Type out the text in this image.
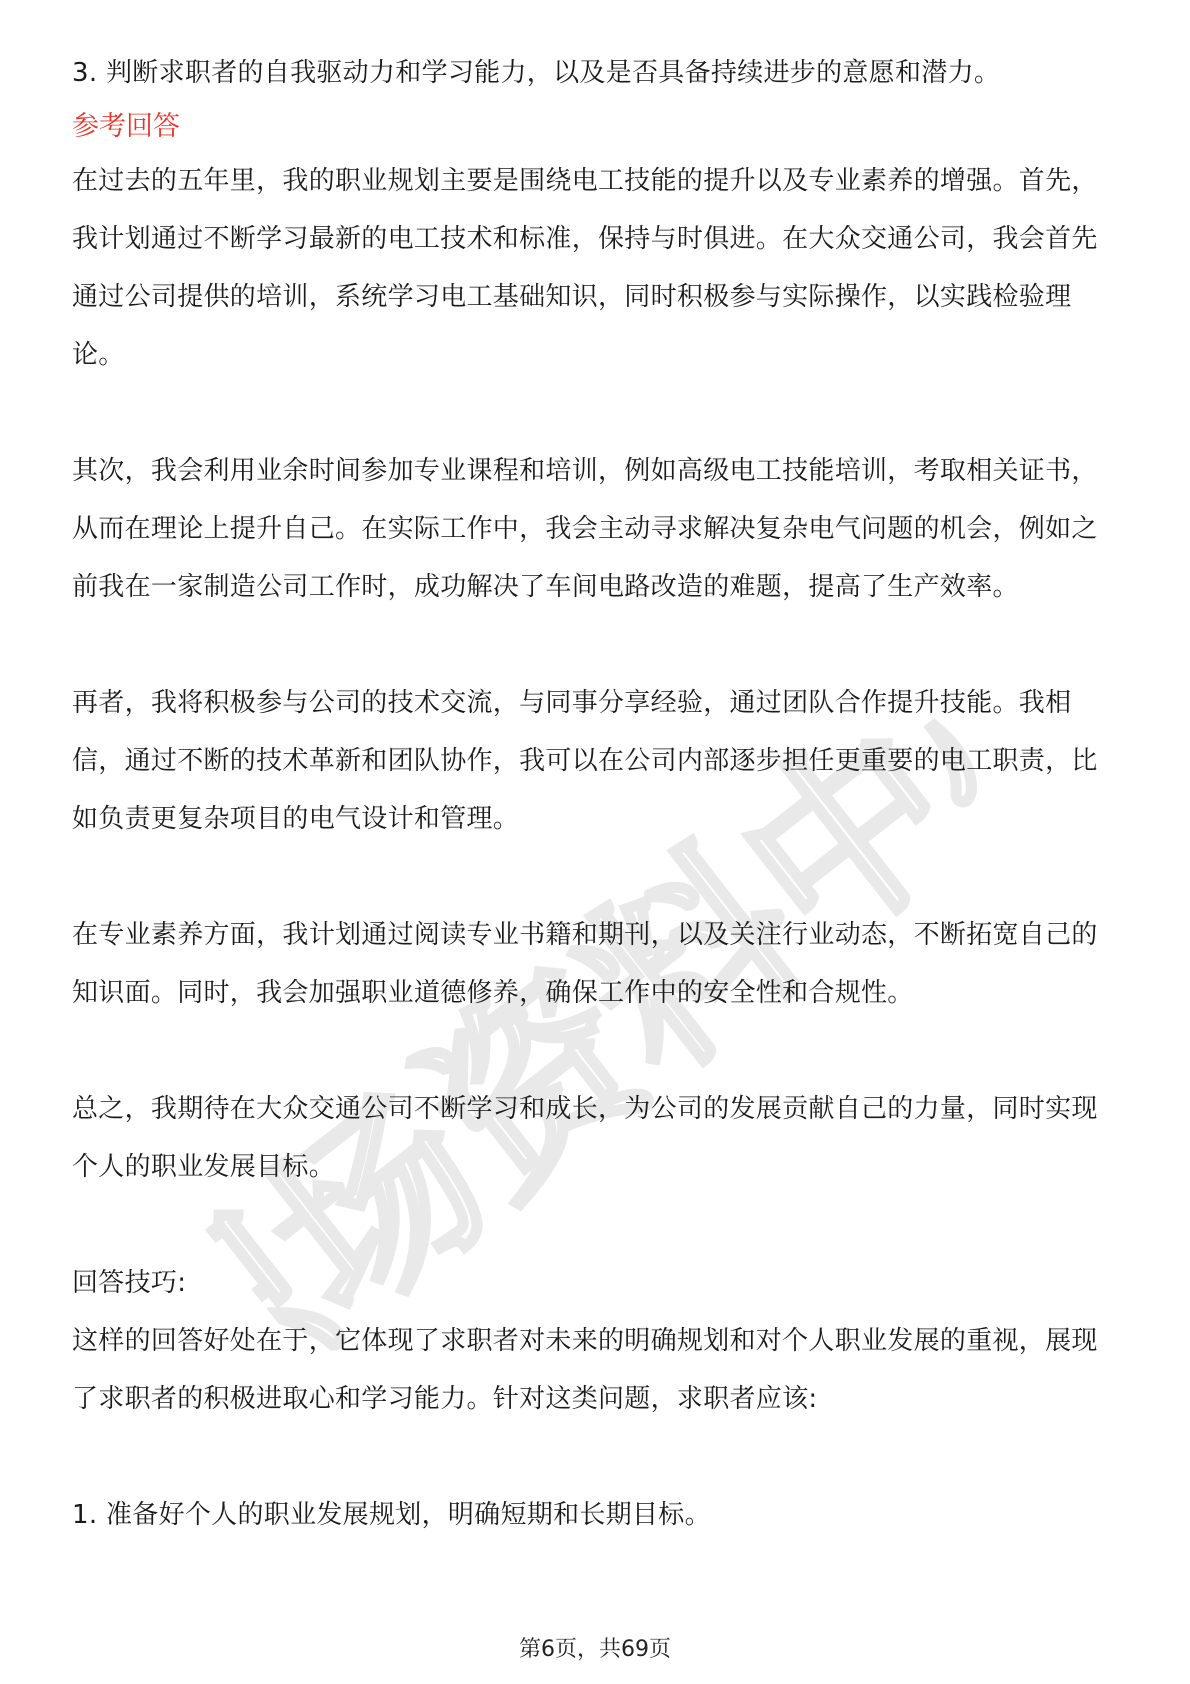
职场资料中心

3. 判断求职者的自我驱动力和学习能力，以及是否具备持续进步的意愿和潜力。

参考回答

在过去的五年里，我的职业规划主要是围绕电工技能的提升以及专业素养的增强。首先，我计划通过不断学习最新的电工技术和标准，保持与时俱进。在大众交通公司，我会首先通过公司提供的培训，系统学习电工基础知识，同时积极参与实际操作，以实践检验理论。

其次，我会利用业余时间参加专业课程和培训，例如高级电工技能培训，考取相关证书，从而在理论上提升自己。在实际工作中，我会主动寻求解决复杂电气问题的机会，例如之前我在一家制造公司工作时，成功解决了车间电路改造的难题，提高了生产效率。

再者，我将积极参与公司的技术交流，与同事分享经验，通过团队合作提升技能。我相信，通过不断的技术革新和团队协作，我可以在公司内部逐步担任更重要的电工职责，比如负责更复杂项目的电气设计和管理。

在专业素养方面，我计划通过阅读专业书籍和期刊，以及关注行业动态，不断拓宽自己的知识面。同时，我会加强职业道德修养，确保工作中的安全性和合规性。

总之，我期待在大众交通公司不断学习和成长，为公司的发展贡献自己的力量，同时实现个人的职业发展目标。

回答技巧:

这样的回答好处在于，它体现了求职者对未来的明确规划和对个人职业发展的重视，展现了求职者的积极进取心和学习能力。针对这类问题，求职者应该:

1. 准备好个人的职业发展规划，明确短期和长期目标。

第6页，共69页
